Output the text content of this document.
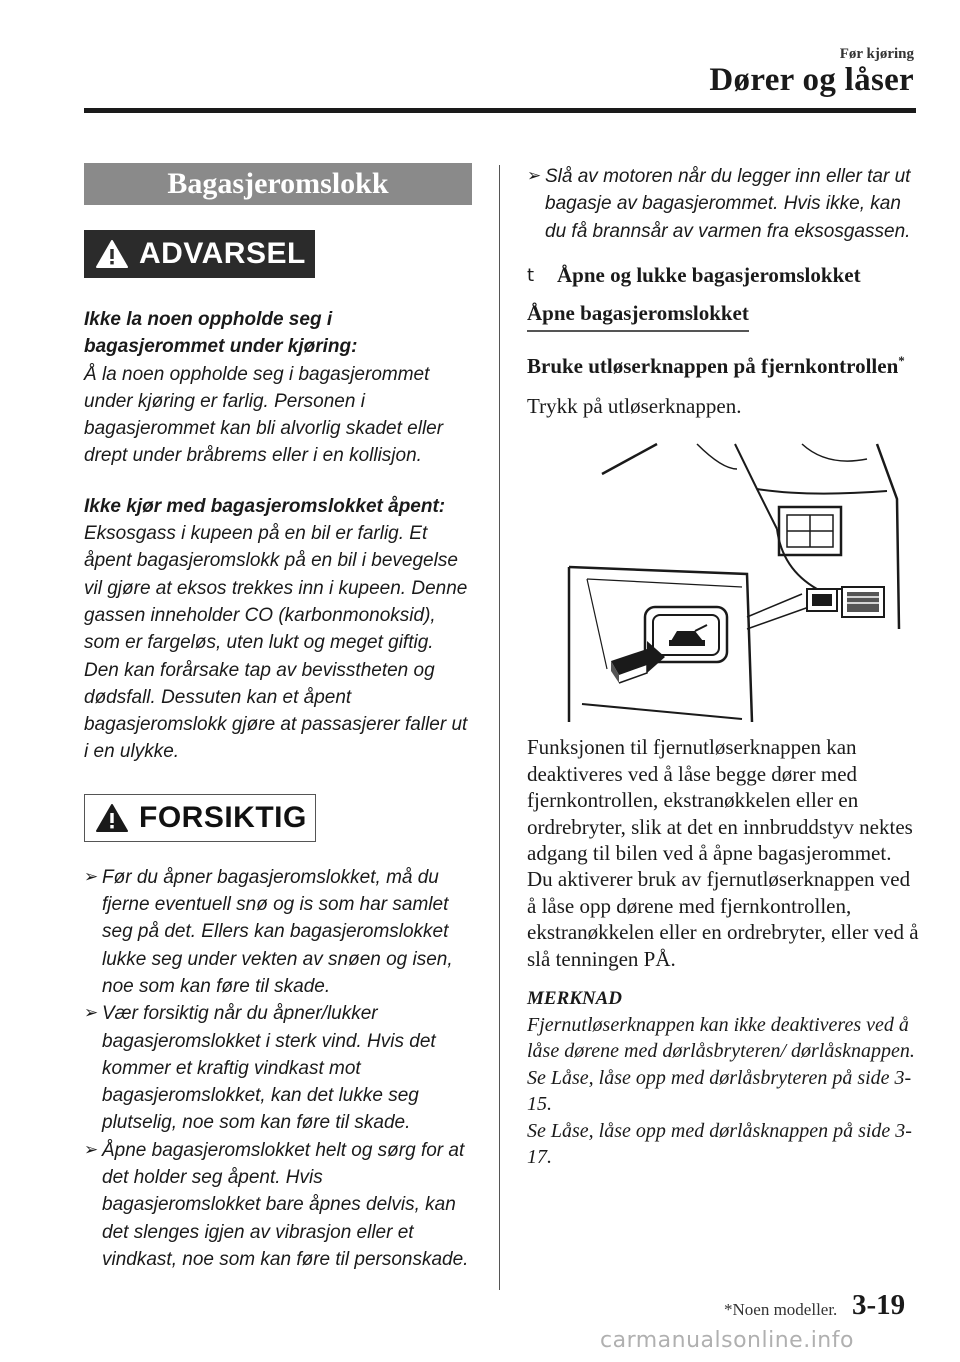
Før kjøring
Dører og låser
Bagasjeromslokk
ADVARSEL
Ikke la noen oppholde seg i bagasjerommet under kjøring:
Å la noen oppholde seg i bagasjerommet under kjøring er farlig. Personen i bagasjerommet kan bli alvorlig skadet eller drept under bråbrems eller i en kollisjon.
Ikke kjør med bagasjeromslokket åpent:
Eksosgass i kupeen på en bil er farlig. Et åpent bagasjeromslokk på en bil i bevegelse vil gjøre at eksos trekkes inn i kupeen. Denne gassen inneholder CO (karbonmonoksid), som er fargeløs, uten lukt og meget giftig. Den kan forårsake tap av bevisstheten og dødsfall. Dessuten kan et åpent bagasjeromslokk gjøre at passasjerer faller ut i en ulykke.
FORSIKTIG
➢ Før du åpner bagasjeromslokket, må du fjerne eventuell snø og is som har samlet seg på det. Ellers kan bagasjeromslokket lukke seg under vekten av snøen og isen, noe som kan føre til skade.
➢ Vær forsiktig når du åpner/lukker bagasjeromslokket i sterk vind. Hvis det kommer et kraftig vindkast mot bagasjeromslokket, kan det lukke seg plutselig, noe som kan føre til skade.
➢ Åpne bagasjeromslokket helt og sørg for at det holder seg åpent. Hvis bagasjeromslokket bare åpnes delvis, kan det slenges igjen av vibrasjon eller et vindkast, noe som kan føre til personskade.
➢ Slå av motoren når du legger inn eller tar ut bagasje av bagasjerommet. Hvis ikke, kan du få brannsår av varmen fra eksosgassen.
t	Åpne og lukke bagasjeromslokket
Åpne bagasjeromslokket
Bruke utløserknappen på fjernkontrollen*
Trykk på utløserknappen.
Funksjonen til fjernutløserknappen kan deaktiveres ved å låse begge dører med fjernkontrollen, ekstranøkkelen eller en ordrebryter, slik at det en innbruddstyv nektes adgang til bilen ved å åpne bagasjerommet.
Du aktiverer bruk av fjernutløserknappen ved å låse opp dørene med fjernkontrollen, ekstranøkkelen eller en ordrebryter, eller ved å slå tenningen PÅ.
MERKNAD
Fjernutløserknappen kan ikke deaktiveres ved å låse dørene med dørlåsbryteren/ dørlåsknappen.
Se Låse, låse opp med dørlåsbryteren på side 3-15.
Se Låse, låse opp med dørlåsknappen på side 3-17.
*Noen modeller. 3-19
carmanualsonline.info
